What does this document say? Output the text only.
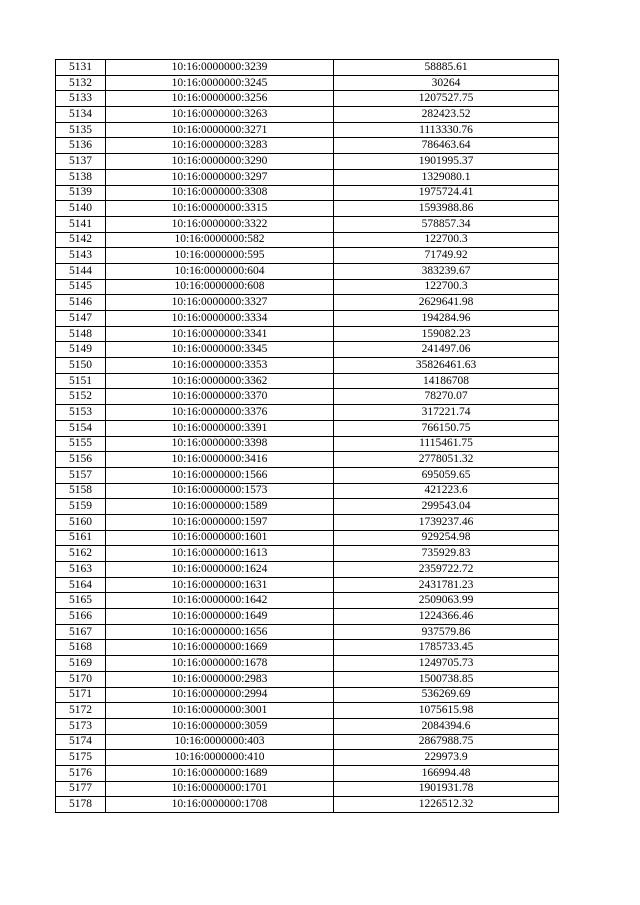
5131	10:16:0000000:3239	58885.61
5132	10:16:0000000:3245	30264
5133	10:16:0000000:3256	1207527.75
5134	10:16:0000000:3263	282423.52
5135	10:16:0000000:3271	1113330.76
5136	10:16:0000000:3283	786463.64
5137	10:16:0000000:3290	1901995.37
5138	10:16:0000000:3297	1329080.1
5139	10:16:0000000:3308	1975724.41
5140	10:16:0000000:3315	1593988.86
5141	10:16:0000000:3322	578857.34
5142	10:16:0000000:582	122700.3
5143	10:16:0000000:595	71749.92
5144	10:16:0000000:604	383239.67
5145	10:16:0000000:608	122700.3
5146	10:16:0000000:3327	2629641.98
5147	10:16:0000000:3334	194284.96
5148	10:16:0000000:3341	159082.23
5149	10:16:0000000:3345	241497.06
5150	10:16:0000000:3353	35826461.63
5151	10:16:0000000:3362	14186708
5152	10:16:0000000:3370	78270.07
5153	10:16:0000000:3376	317221.74
5154	10:16:0000000:3391	766150.75
5155	10:16:0000000:3398	1115461.75
5156	10:16:0000000:3416	2778051.32
5157	10:16:0000000:1566	695059.65
5158	10:16:0000000:1573	421223.6
5159	10:16:0000000:1589	299543.04
5160	10:16:0000000:1597	1739237.46
5161	10:16:0000000:1601	929254.98
5162	10:16:0000000:1613	735929.83
5163	10:16:0000000:1624	2359722.72
5164	10:16:0000000:1631	2431781.23
5165	10:16:0000000:1642	2509063.99
5166	10:16:0000000:1649	1224366.46
5167	10:16:0000000:1656	937579.86
5168	10:16:0000000:1669	1785733.45
5169	10:16:0000000:1678	1249705.73
5170	10:16:0000000:2983	1500738.85
5171	10:16:0000000:2994	536269.69
5172	10:16:0000000:3001	1075615.98
5173	10:16:0000000:3059	2084394.6
5174	10:16:0000000:403	2867988.75
5175	10:16:0000000:410	229973.9
5176	10:16:0000000:1689	166994.48
5177	10:16:0000000:1701	1901931.78
5178	10:16:0000000:1708	1226512.32
